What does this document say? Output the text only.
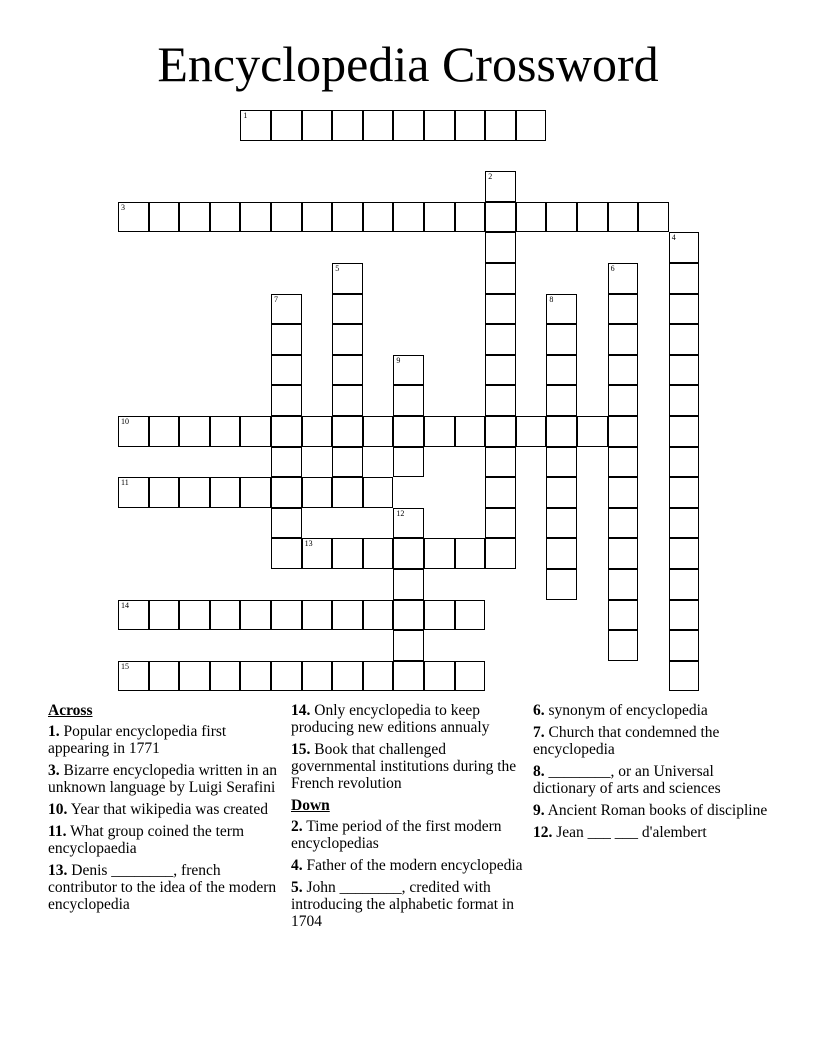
Encyclopedia Crossword
1
2
3
4
5	6
7	8
9
10
11
12
13
14
15
Across
1. Popular encyclopedia first appearing in 1771
3. Bizarre encyclopedia written in an unknown language by Luigi Serafini
10. Year that wikipedia was created
11. What group coined the term encyclopaedia
13. Denis ________, french contributor to the idea of the modern encyclopedia
14. Only encyclopedia to keep producing new editions annualy
15. Book that challenged governmental institutions during the French revolution
Down
2. Time period of the first modern encyclopedias
4. Father of the modern encyclopedia
5. John ________, credited with introducing the alphabetic format in 1704
6. synonym of encyclopedia
7. Church that condemned the encyclopedia
8. ________, or an Universal dictionary of arts and sciences
9. Ancient Roman books of discipline
12. Jean ___ ___ d'alembert
